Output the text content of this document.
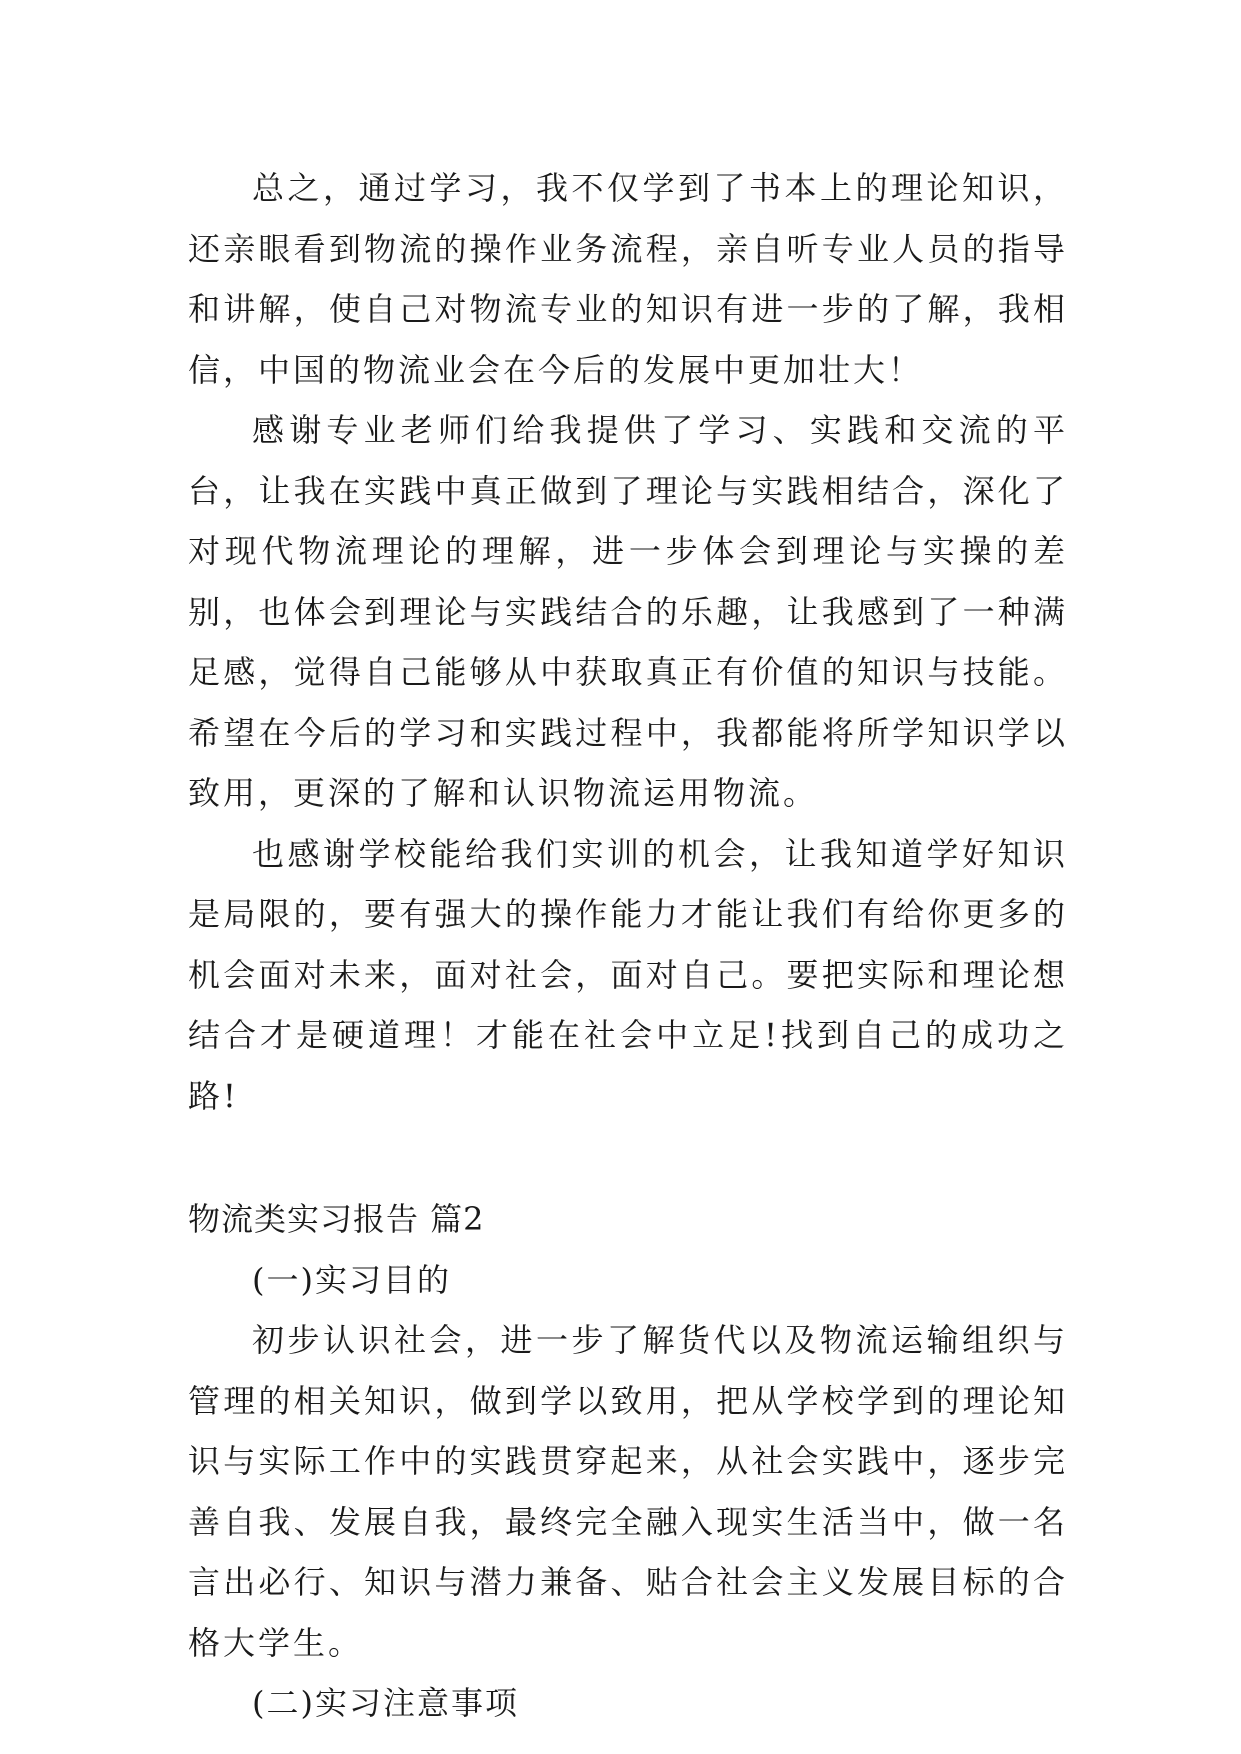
总之，通过学习，我不仅学到了书本上的理论知识，还亲眼看到物流的操作业务流程，亲自听专业人员的指导和讲解，使自己对物流专业的知识有进一步的了解，我相信，中国的物流业会在今后的发展中更加壮大！

感谢专业老师们给我提供了学习、实践和交流的平台，让我在实践中真正做到了理论与实践相结合，深化了对现代物流理论的理解，进一步体会到理论与实操的差别，也体会到理论与实践结合的乐趣，让我感到了一种满足感，觉得自己能够从中获取真正有价值的知识与技能。希望在今后的学习和实践过程中，我都能将所学知识学以致用，更深的了解和认识物流运用物流。

也感谢学校能给我们实训的机会，让我知道学好知识是局限的，要有强大的操作能力才能让我们有给你更多的机会面对未来，面对社会，面对自己。要把实际和理论想结合才是硬道理！才能在社会中立足!找到自己的成功之路!

物流类实习报告 篇2

(一)实习目的

初步认识社会，进一步了解货代以及物流运输组织与管理的相关知识，做到学以致用，把从学校学到的理论知识与实际工作中的实践贯穿起来，从社会实践中，逐步完善自我、发展自我，最终完全融入现实生活当中，做一名言出必行、知识与潜力兼备、贴合社会主义发展目标的合格大学生。

(二)实习注意事项
